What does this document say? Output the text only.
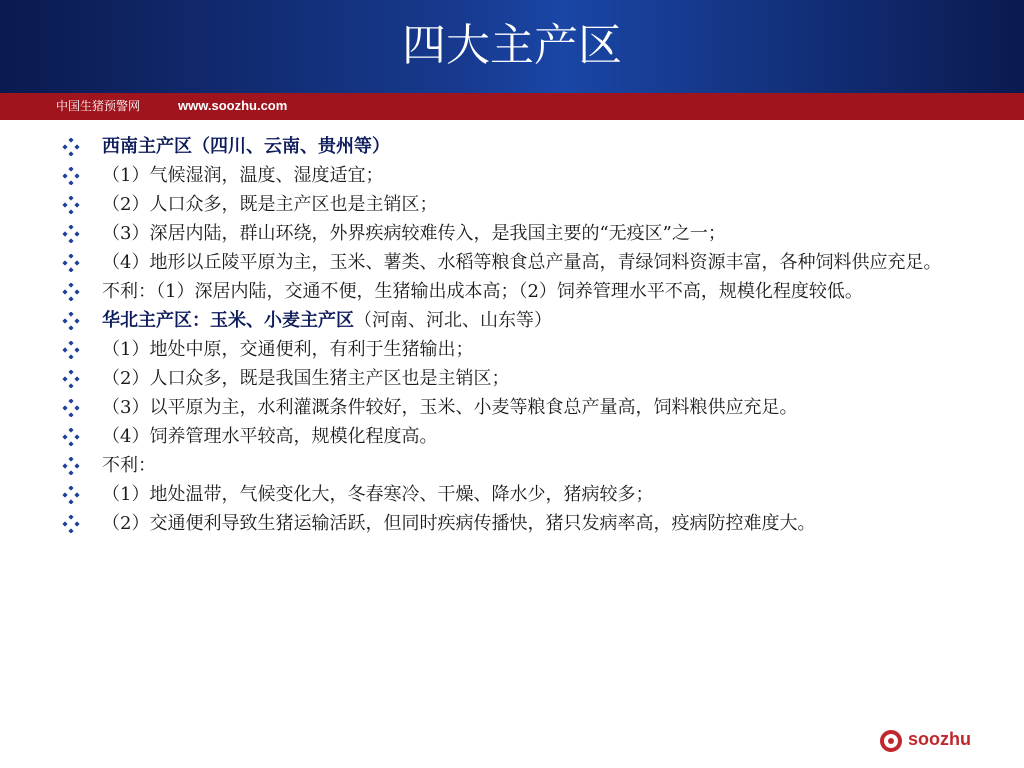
四大主产区
中国生猪预警网	www.soozhu.com
西南主产区（四川、云南、贵州等）
（1）气候湿润，温度、湿度适宜；
（2）人口众多，既是主产区也是主销区；
（3）深居内陆，群山环绕，外界疾病较难传入，是我国主要的“无疫区”之一；
（4）地形以丘陵平原为主，玉米、薯类、水稻等粮食总产量高，青绿饲料资源丰富，各种饲料供应充足。
不利：（1）深居内陆，交通不便，生猪输出成本高；（2）饲养管理水平不高，规模化程度较低。
华北主产区：玉米、小麦主产区（河南、河北、山东等）
（1）地处中原，交通便利，有利于生猪输出；
（2）人口众多，既是我国生猪主产区也是主销区；
（3）以平原为主，水利灌溉条件较好，玉米、小麦等粮食总产量高，饲料粮供应充足。
（4）饲养管理水平较高，规模化程度高。
不利：
（1）地处温带，气候变化大，冬春寒冷、干燥、降水少，猪病较多；
（2）交通便利导致生猪运输活跃，但同时疾病传播快，猪只发病率高，疫病防控难度大。
soozhu
